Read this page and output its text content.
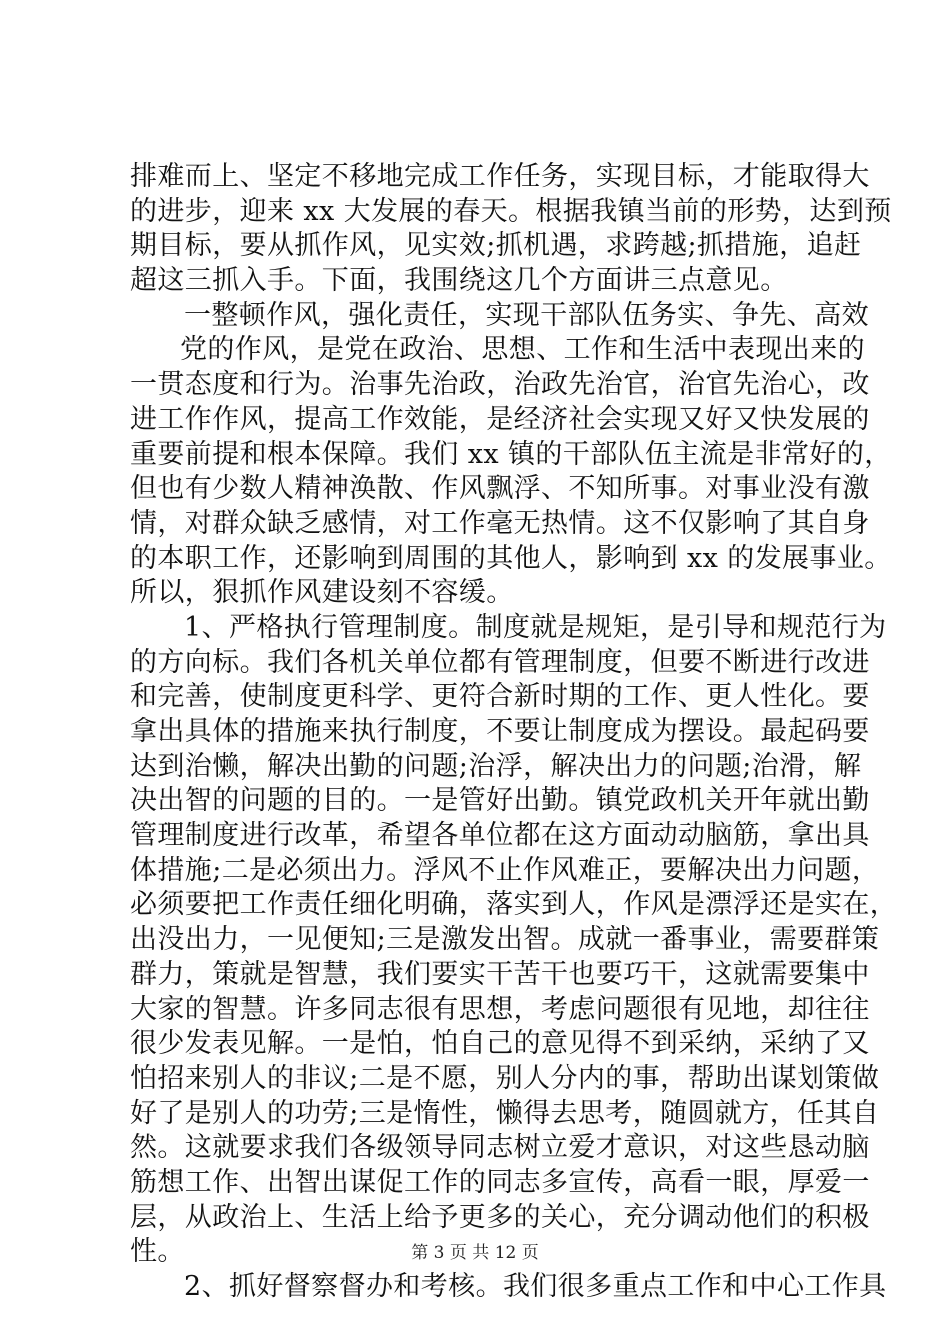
排难而上、坚定不移地完成工作任务，实现目标，才能取得大
的进步，迎来 xx 大发展的春天。根据我镇当前的形势，达到预
期目标，要从抓作风，见实效;抓机遇，求跨越;抓措施，追赶
超这三抓入手。下面，我围绕这几个方面讲三点意见。
一整顿作风，强化责任，实现干部队伍务实、争先、高效
党的作风，是党在政治、思想、工作和生活中表现出来的
一贯态度和行为。治事先治政，治政先治官，治官先治心，改
进工作作风，提高工作效能，是经济社会实现又好又快发展的
重要前提和根本保障。我们 xx 镇的干部队伍主流是非常好的，
但也有少数人精神涣散、作风飘浮、不知所事。对事业没有激
情，对群众缺乏感情，对工作毫无热情。这不仅影响了其自身
的本职工作，还影响到周围的其他人，影响到 xx 的发展事业。
所以，狠抓作风建设刻不容缓。
1、严格执行管理制度。制度就是规矩，是引导和规范行为
的方向标。我们各机关单位都有管理制度，但要不断进行改进
和完善，使制度更科学、更符合新时期的工作、更人性化。要
拿出具体的措施来执行制度，不要让制度成为摆设。最起码要
达到治懒，解决出勤的问题;治浮，解决出力的问题;治滑，解
决出智的问题的目的。一是管好出勤。镇党政机关开年就出勤
管理制度进行改革，希望各单位都在这方面动动脑筋，拿出具
体措施;二是必须出力。浮风不止作风难正，要解决出力问题，
必须要把工作责任细化明确，落实到人，作风是漂浮还是实在，
出没出力，一见便知;三是激发出智。成就一番事业，需要群策
群力，策就是智慧，我们要实干苦干也要巧干，这就需要集中
大家的智慧。许多同志很有思想，考虑问题很有见地，却往往
很少发表见解。一是怕，怕自己的意见得不到采纳，采纳了又
怕招来别人的非议;二是不愿，别人分内的事，帮助出谋划策做
好了是别人的功劳;三是惰性，懒得去思考，随圆就方，任其自
然。这就要求我们各级领导同志树立爱才意识，对这些恳动脑
筋想工作、出智出谋促工作的同志多宣传，高看一眼，厚爱一
层，从政治上、生活上给予更多的关心，充分调动他们的积极
性。
2、抓好督察督办和考核。我们很多重点工作和中心工作具
第 3 页 共 12 页
